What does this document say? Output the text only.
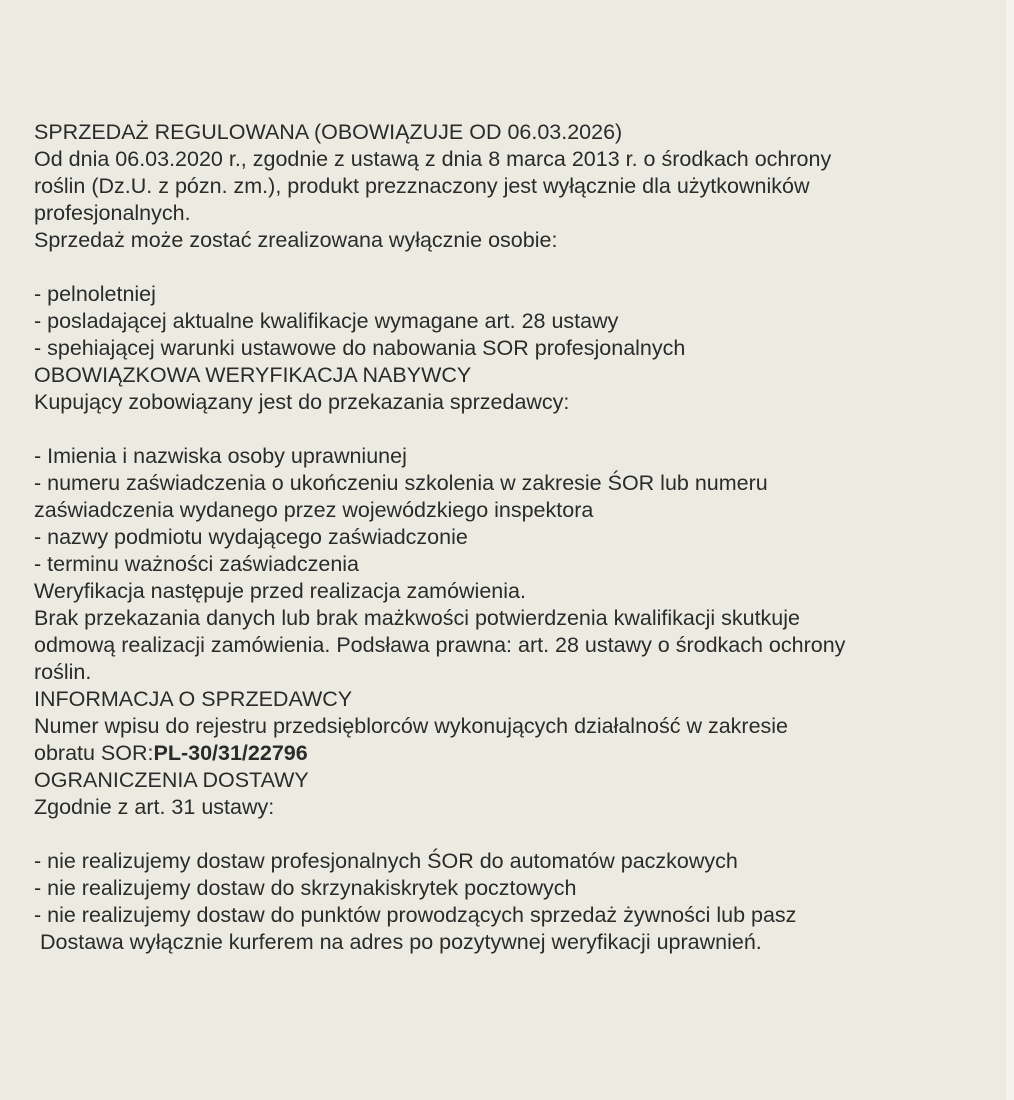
SPRZEDAŻ REGULOWANA (OBOWIĄZUJE OD 06.03.2026)
Od dnia 06.03.2020 r., zgodnie z ustawą z dnia 8 marca 2013 r. o środkach ochrony
roślin (Dz.U. z pózn. zm.), produkt prezznaczony jest wyłącznie dla użytkowników
profesjonalnych.
Sprzedaż może zostać zrealizowana wyłącznie osobie:
- pelnoletniej
- posladającej aktualne kwalifikacje wymagane art. 28 ustawy
- spehiającej warunki ustawowe do nabowania SOR profesjonalnych
OBOWIĄZKOWA WERYFIKACJA NABYWCY
Kupujący zobowiązany jest do przekazania sprzedawcy:
- Imienia i nazwiska osoby uprawniunej
- numeru zaświadczenia o ukończeniu szkolenia w zakresie ŚOR lub numeru
zaświadczenia wydanego przez wojewódzkiego inspektora
- nazwy podmiotu wydającego zaświadczonie
- terminu ważności zaświadczenia
Weryfikacja następuje przed realizacja zamówienia.
Brak przekazania danych lub brak mażkwości potwierdzenia kwalifikacji skutkuje
odmową realizacji zamówienia. Podsława prawna: art. 28 ustawy o środkach ochrony
roślin.
INFORMACJA O SPRZEDAWCY
Numer wpisu do rejestru przedsięblorców wykonujących działalność w zakresie
obratu SOR:PL-30/31/22796
OGRANICZENIA DOSTAWY
Zgodnie z art. 31 ustawy:
- nie realizujemy dostaw profesjonalnych ŚOR do automatów paczkowych
- nie realizujemy dostaw do skrzynakiskrytek pocztowych
- nie realizujemy dostaw do punktów prowodzących sprzedaż żywności lub pasz
Dostawa wyłącznie kurferem na adres po pozytywnej weryfikacji uprawnień.
